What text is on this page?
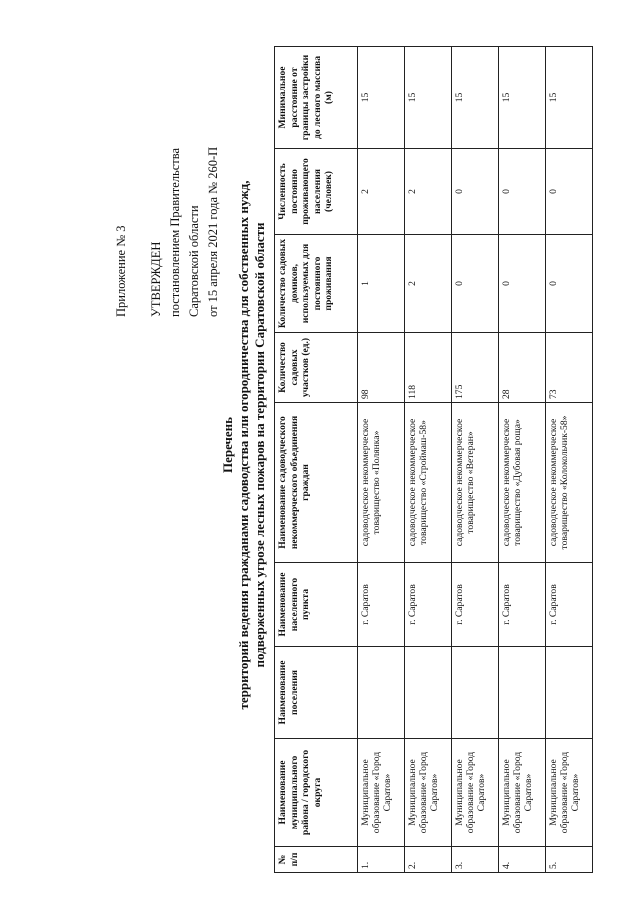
Приложение № 3 УТВЕРЖДЕН постановлением Правительства Саратовской области от 15 апреля 2021 года № 260-П
Перечень территорий ведения гражданами садоводства или огородничества для собственных нужд, подверженных угрозе лесных пожаров на территории Саратовской области
№ п/п	Наименование муниципального района / городского округа	Наименование поселения	Наименование населенного пункта	Наименование садоводческого некоммерческого объединения граждан	Количество садовых участков (ед.)	Количество садовых домиков, используемых для постоянного проживания	Численность постоянно проживающего населения (человек)	Минимальное расстояние от границы застройки до лесного массива (м)
1.	Муниципальное образование «Город Саратов»		г. Саратов	садоводческое некоммерческое товарищество «Полянка»	98	1	2	15
2.	Муниципальное образование «Город Саратов»		г. Саратов	садоводческое некоммерческое товарищество «Строймаш-58»	118	2	2	15
3.	Муниципальное образование «Город Саратов»		г. Саратов	садоводческое некоммерческое товарищество «Ветеран»	175	0	0	15
4.	Муниципальное образование «Город Саратов»		г. Саратов	садоводческое некоммерческое товарищество «Дубовая роща»	28	0	0	15
5.	Муниципальное образование «Город Саратов»		г. Саратов	садоводческое некоммерческое товарищество «Колокольчик-58»	73	0	0	15
